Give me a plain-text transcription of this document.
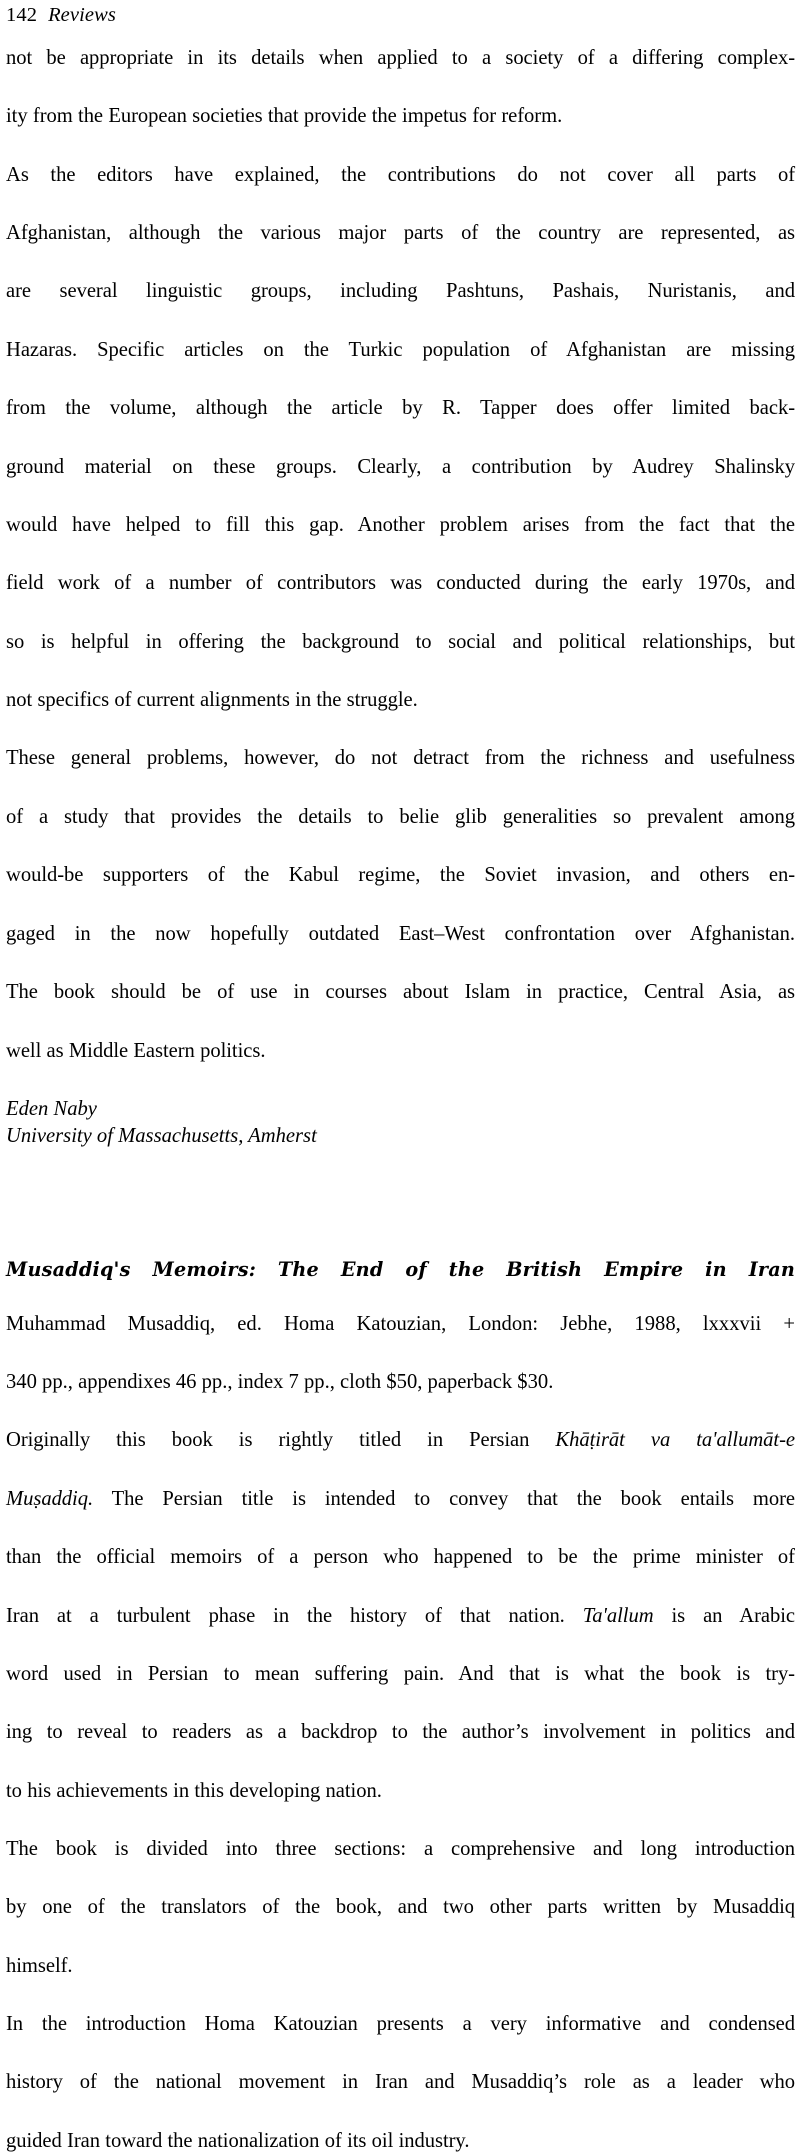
142 Reviews

not be appropriate in its details when applied to a society of a differing complex-
ity from the European societies that provide the impetus for reform.

As the editors have explained, the contributions do not cover all parts of
Afghanistan, although the various major parts of the country are represented, as
are several linguistic groups, including Pashtuns, Pashais, Nuristanis, and
Hazaras. Specific articles on the Turkic population of Afghanistan are missing
from the volume, although the article by R. Tapper does offer limited back-
ground material on these groups. Clearly, a contribution by Audrey Shalinsky
would have helped to fill this gap. Another problem arises from the fact that the
field work of a number of contributors was conducted during the early 1970s, and
so is helpful in offering the background to social and political relationships, but
not specifics of current alignments in the struggle.

These general problems, however, do not detract from the richness and usefulness
of a study that provides the details to belie glib generalities so prevalent among
would-be supporters of the Kabul regime, the Soviet invasion, and others en-
gaged in the now hopefully outdated East–West confrontation over Afghanistan.
The book should be of use in courses about Islam in practice, Central Asia, as
well as Middle Eastern politics.

Eden Naby
University of Massachusetts, Amherst
Musaddiq's Memoirs: The End of the British Empire in Iran

Muhammad Musaddiq, ed. Homa Katouzian, London: Jebhe, 1988, lxxxvii +
340 pp., appendixes 46 pp., index 7 pp., cloth $50, paperback $30.

Originally this book is rightly titled in Persian Khāṭirāt va ta'allumāt-e
Muṣaddiq. The Persian title is intended to convey that the book entails more
than the official memoirs of a person who happened to be the prime minister of
Iran at a turbulent phase in the history of that nation. Ta'allum is an Arabic
word used in Persian to mean suffering pain. And that is what the book is try-
ing to reveal to readers as a backdrop to the author’s involvement in politics and
to his achievements in this developing nation.

The book is divided into three sections: a comprehensive and long introduction
by one of the translators of the book, and two other parts written by Musaddiq
himself.

In the introduction Homa Katouzian presents a very informative and condensed
history of the national movement in Iran and Musaddiq’s role as a leader who
guided Iran toward the nationalization of its oil industry.
